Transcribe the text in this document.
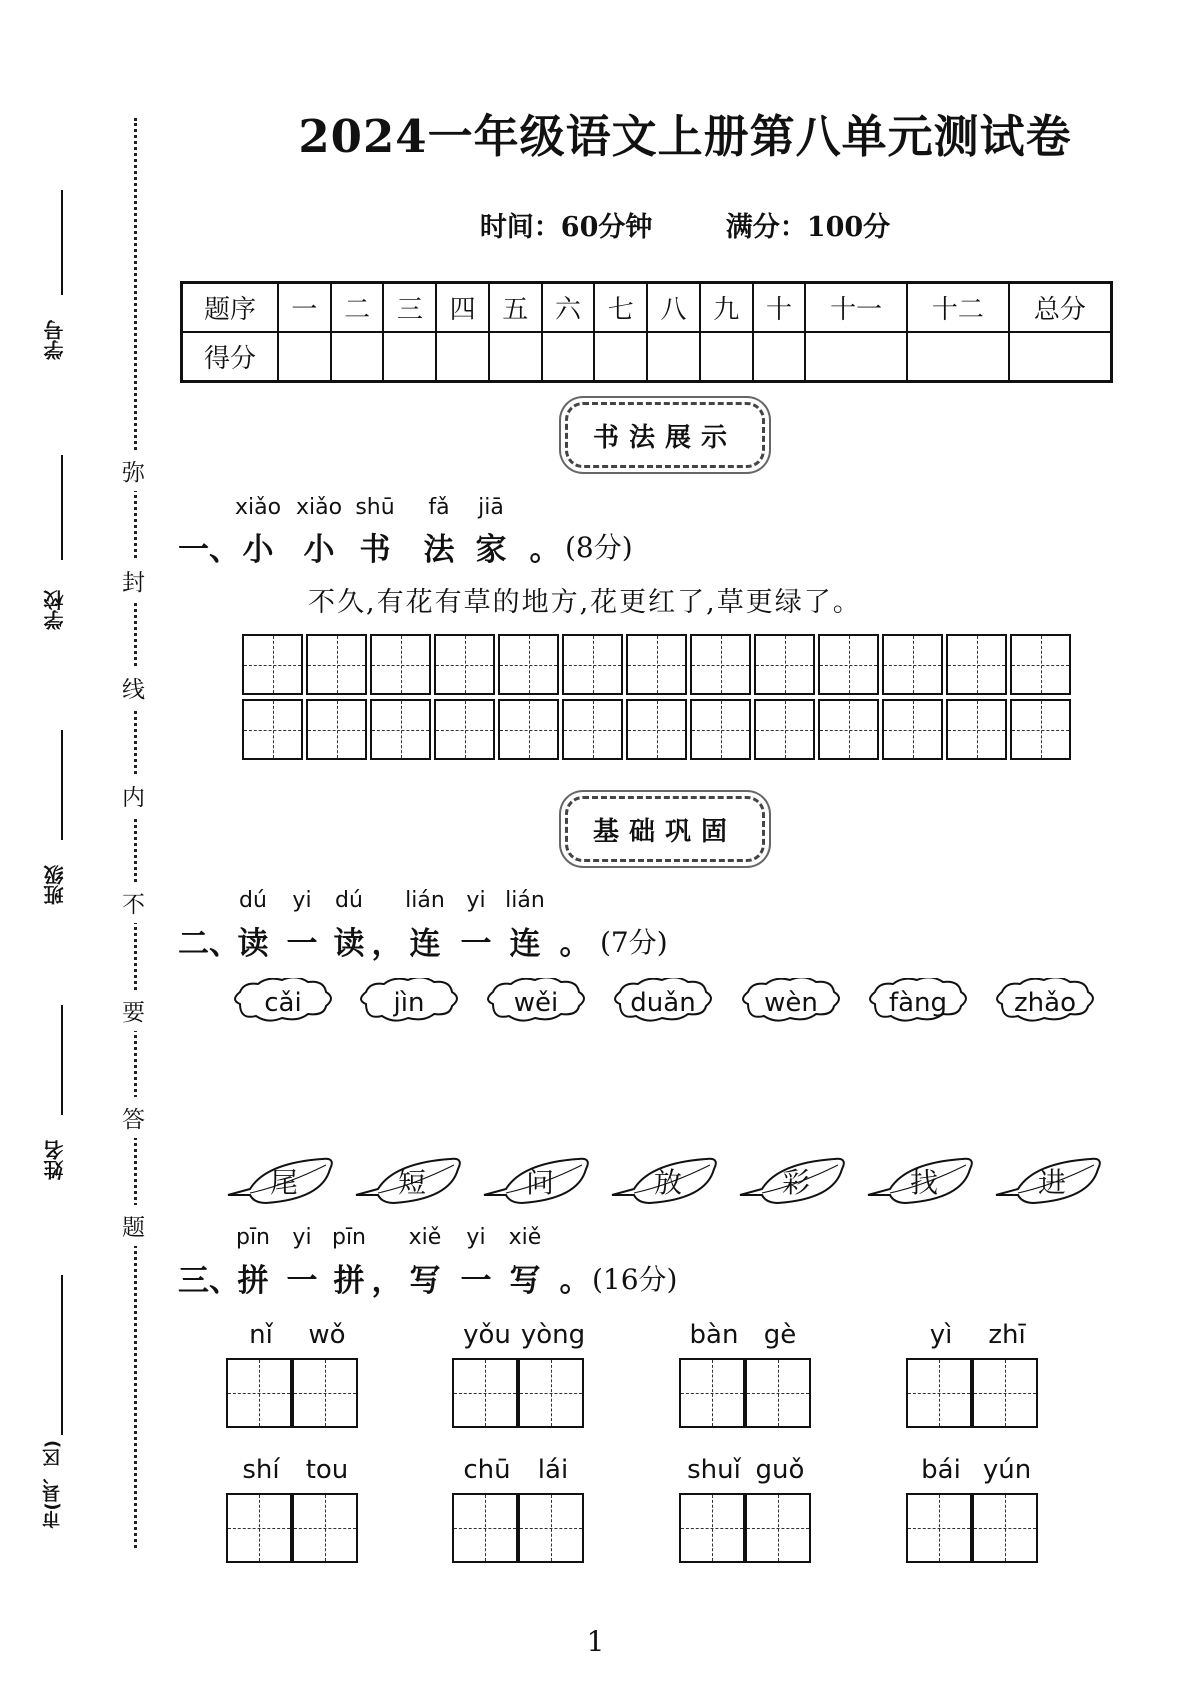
学号
学校
班级
姓名
市(县、区)
弥
封
线
内
不
要
答
题
2024一年级语文上册第八单元测试卷
时间：60分钟	满分：100分
题序	一	二	三	四	五	六	七	八	九	十	十一	十二	总分
得分													
书法展示
xiǎo xiǎo shū	fǎ	jiā
一、 小 小 书	法 家 。 (8分)
不久,有花有草的地方,花更红了,草更绿了。
基础巩固
dú	yi	dú	lián yi lián
二、
读 一 读 ， 连 一 连 。 (7分)
cǎi	jìn	wěi	duǎn	wèn	fàng	zhǎo
尾	短	问	放	彩	找	进
pīn	yi pīn	xiě	yi	xiě
三、
拼 一 拼 ， 写 一 写 。 (16分)
nǐ	wǒ	yǒu yòng	bàn gè	yì	zhī
shí	tou	chū	lái	shuǐ guǒ	bái yún
1
